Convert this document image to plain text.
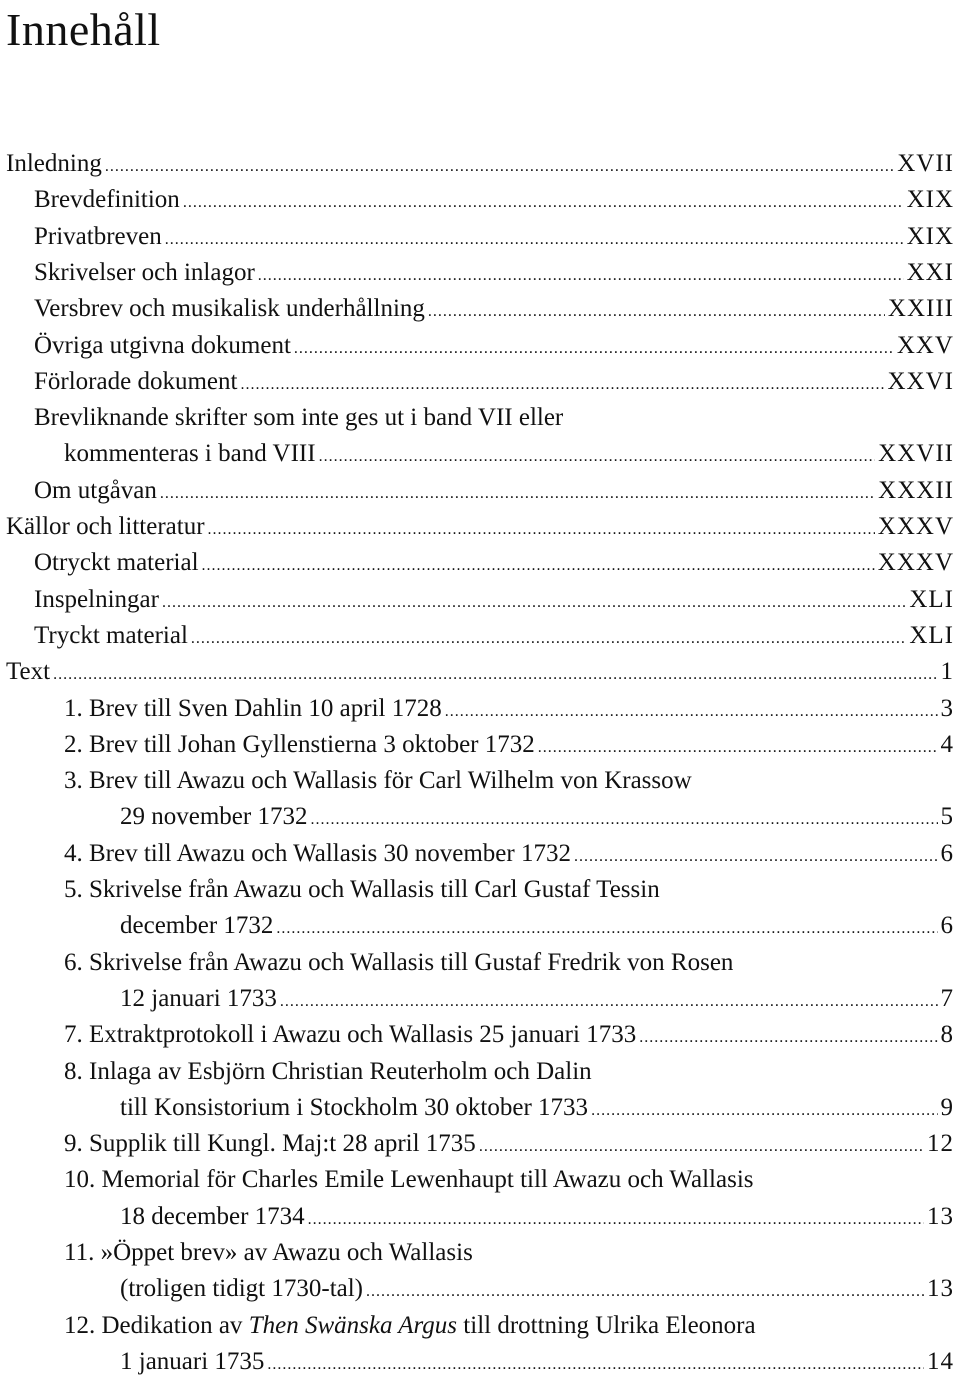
Innehåll
Inledning .....	XVII
Brevdefinition .....	XIX
Privatbreven .....	XIX
Skrivelser och inlagor .....	XXI
Versbrev och musikalisk underhållning .....	XXIII
Övriga utgivna dokument .....	XXV
Förlorade dokument .....	XXVI
Brevliknande skrifter som inte ges ut i band VII eller
kommenteras i band VIII .....	XXVII
Om utgåvan .....	XXXII
Källor och litteratur .....	XXXV
Otryckt material .....	XXXV
Inspelningar .....	XLI
Tryckt material .....	XLI
Text .....	1
1. Brev till Sven Dahlin 10 april 1728 .....	3
2. Brev till Johan Gyllenstierna 3 oktober 1732 .....	4
3. Brev till Awazu och Wallasis för Carl Wilhelm von Krassow
29 november 1732 .....	5
4. Brev till Awazu och Wallasis 30 november 1732 .....	6
5. Skrivelse från Awazu och Wallasis till Carl Gustaf Tessin
december 1732 .....	6
6. Skrivelse från Awazu och Wallasis till Gustaf Fredrik von Rosen
12 januari 1733 .....	7
7. Extraktprotokoll i Awazu och Wallasis 25 januari 1733 .....	8
8. Inlaga av Esbjörn Christian Reuterholm och Dalin
till Konsistorium i Stockholm 30 oktober 1733 .....	9
9. Supplik till Kungl. Maj:t 28 april 1735 .....	12
10. Memorial för Charles Emile Lewenhaupt till Awazu och Wallasis
18 december 1734 .....	13
11. »Öppet brev» av Awazu och Wallasis
(troligen tidigt 1730-tal) .....	13
12. Dedikation av Then Swänska Argus till drottning Ulrika Eleonora
1 januari 1735 .....	14
